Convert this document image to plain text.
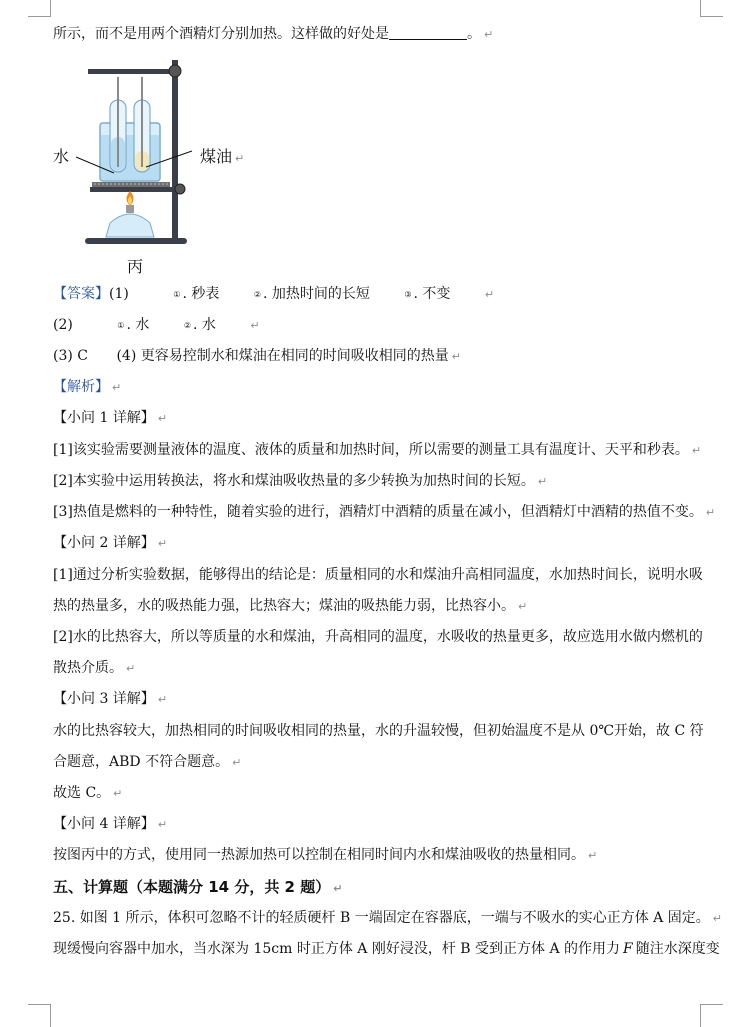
所示，而不是用两个酒精灯分别加热。这样做的好处是	。 ↵
水	煤油 ↵
丙
【答案】(1)	① . 秒表	② . 加热时间的长短	③ . 不变	↵
(2)	① . 水	② . 水	↵
(3) C (4) 更容易控制水和煤油在相同的时间吸收相同的热量 ↵
【解析】 ↵
【小问 1 详解】 ↵
[1]该实验需要测量液体的温度、液体的质量和加热时间，所以需要的测量工具有温度计、天平和秒表。 ↵
[2]本实验中运用转换法，将水和煤油吸收热量的多少转换为加热时间的长短。 ↵
[3]热值是燃料的一种特性，随着实验的进行，酒精灯中酒精的质量在减小，但酒精灯中酒精的热值不变。 ↵
【小问 2 详解】 ↵
[1]通过分析实验数据，能够得出的结论是：质量相同的水和煤油升高相同温度，水加热时间长，说明水吸
热的热量多，水的吸热能力强，比热容大；煤油的吸热能力弱，比热容小。 ↵
[2]水的比热容大，所以等质量的水和煤油，升高相同的温度，水吸收的热量更多，故应选用水做内燃机的
散热介质。 ↵
【小问 3 详解】 ↵
水的比热容较大，加热相同的时间吸收相同的热量，水的升温较慢，但初始温度不是从 0℃开始，故 C 符
合题意，ABD 不符合题意。 ↵
故选 C。 ↵
【小问 4 详解】 ↵
按图丙中的方式，使用同一热源加热可以控制在相同时间内水和煤油吸收的热量相同。 ↵
五、计算题（本题满分 14 分，共 2 题） ↵
25. 如图 1 所示，体积可忽略不计的轻质硬杆 B 一端固定在容器底，一端与不吸水的实心正方体 A 固定。 ↵
现缓慢向容器中加水，当水深为 15cm 时正方体 A 刚好浸没，杆 B 受到正方体 A 的作用力 F 随注水深度变
